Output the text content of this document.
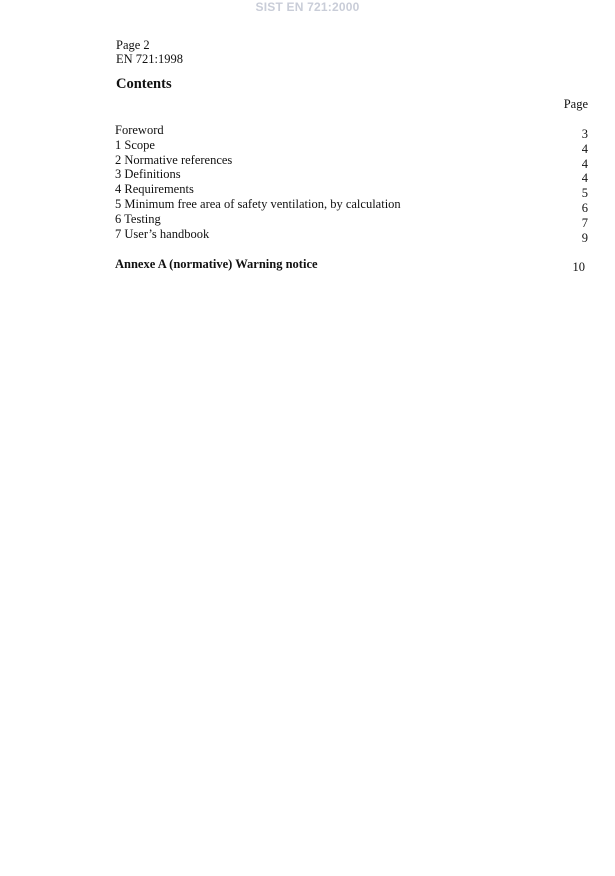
SIST EN 721:2000
Page 2
EN 721:1998
Contents
Page
Foreword	3
1 Scope	4
2 Normative references	4
3 Definitions	4
4 Requirements	5
5 Minimum free area of safety ventilation, by calculation	6
6 Testing	7
7 User’s handbook	9
Annexe A (normative) Warning notice	10
